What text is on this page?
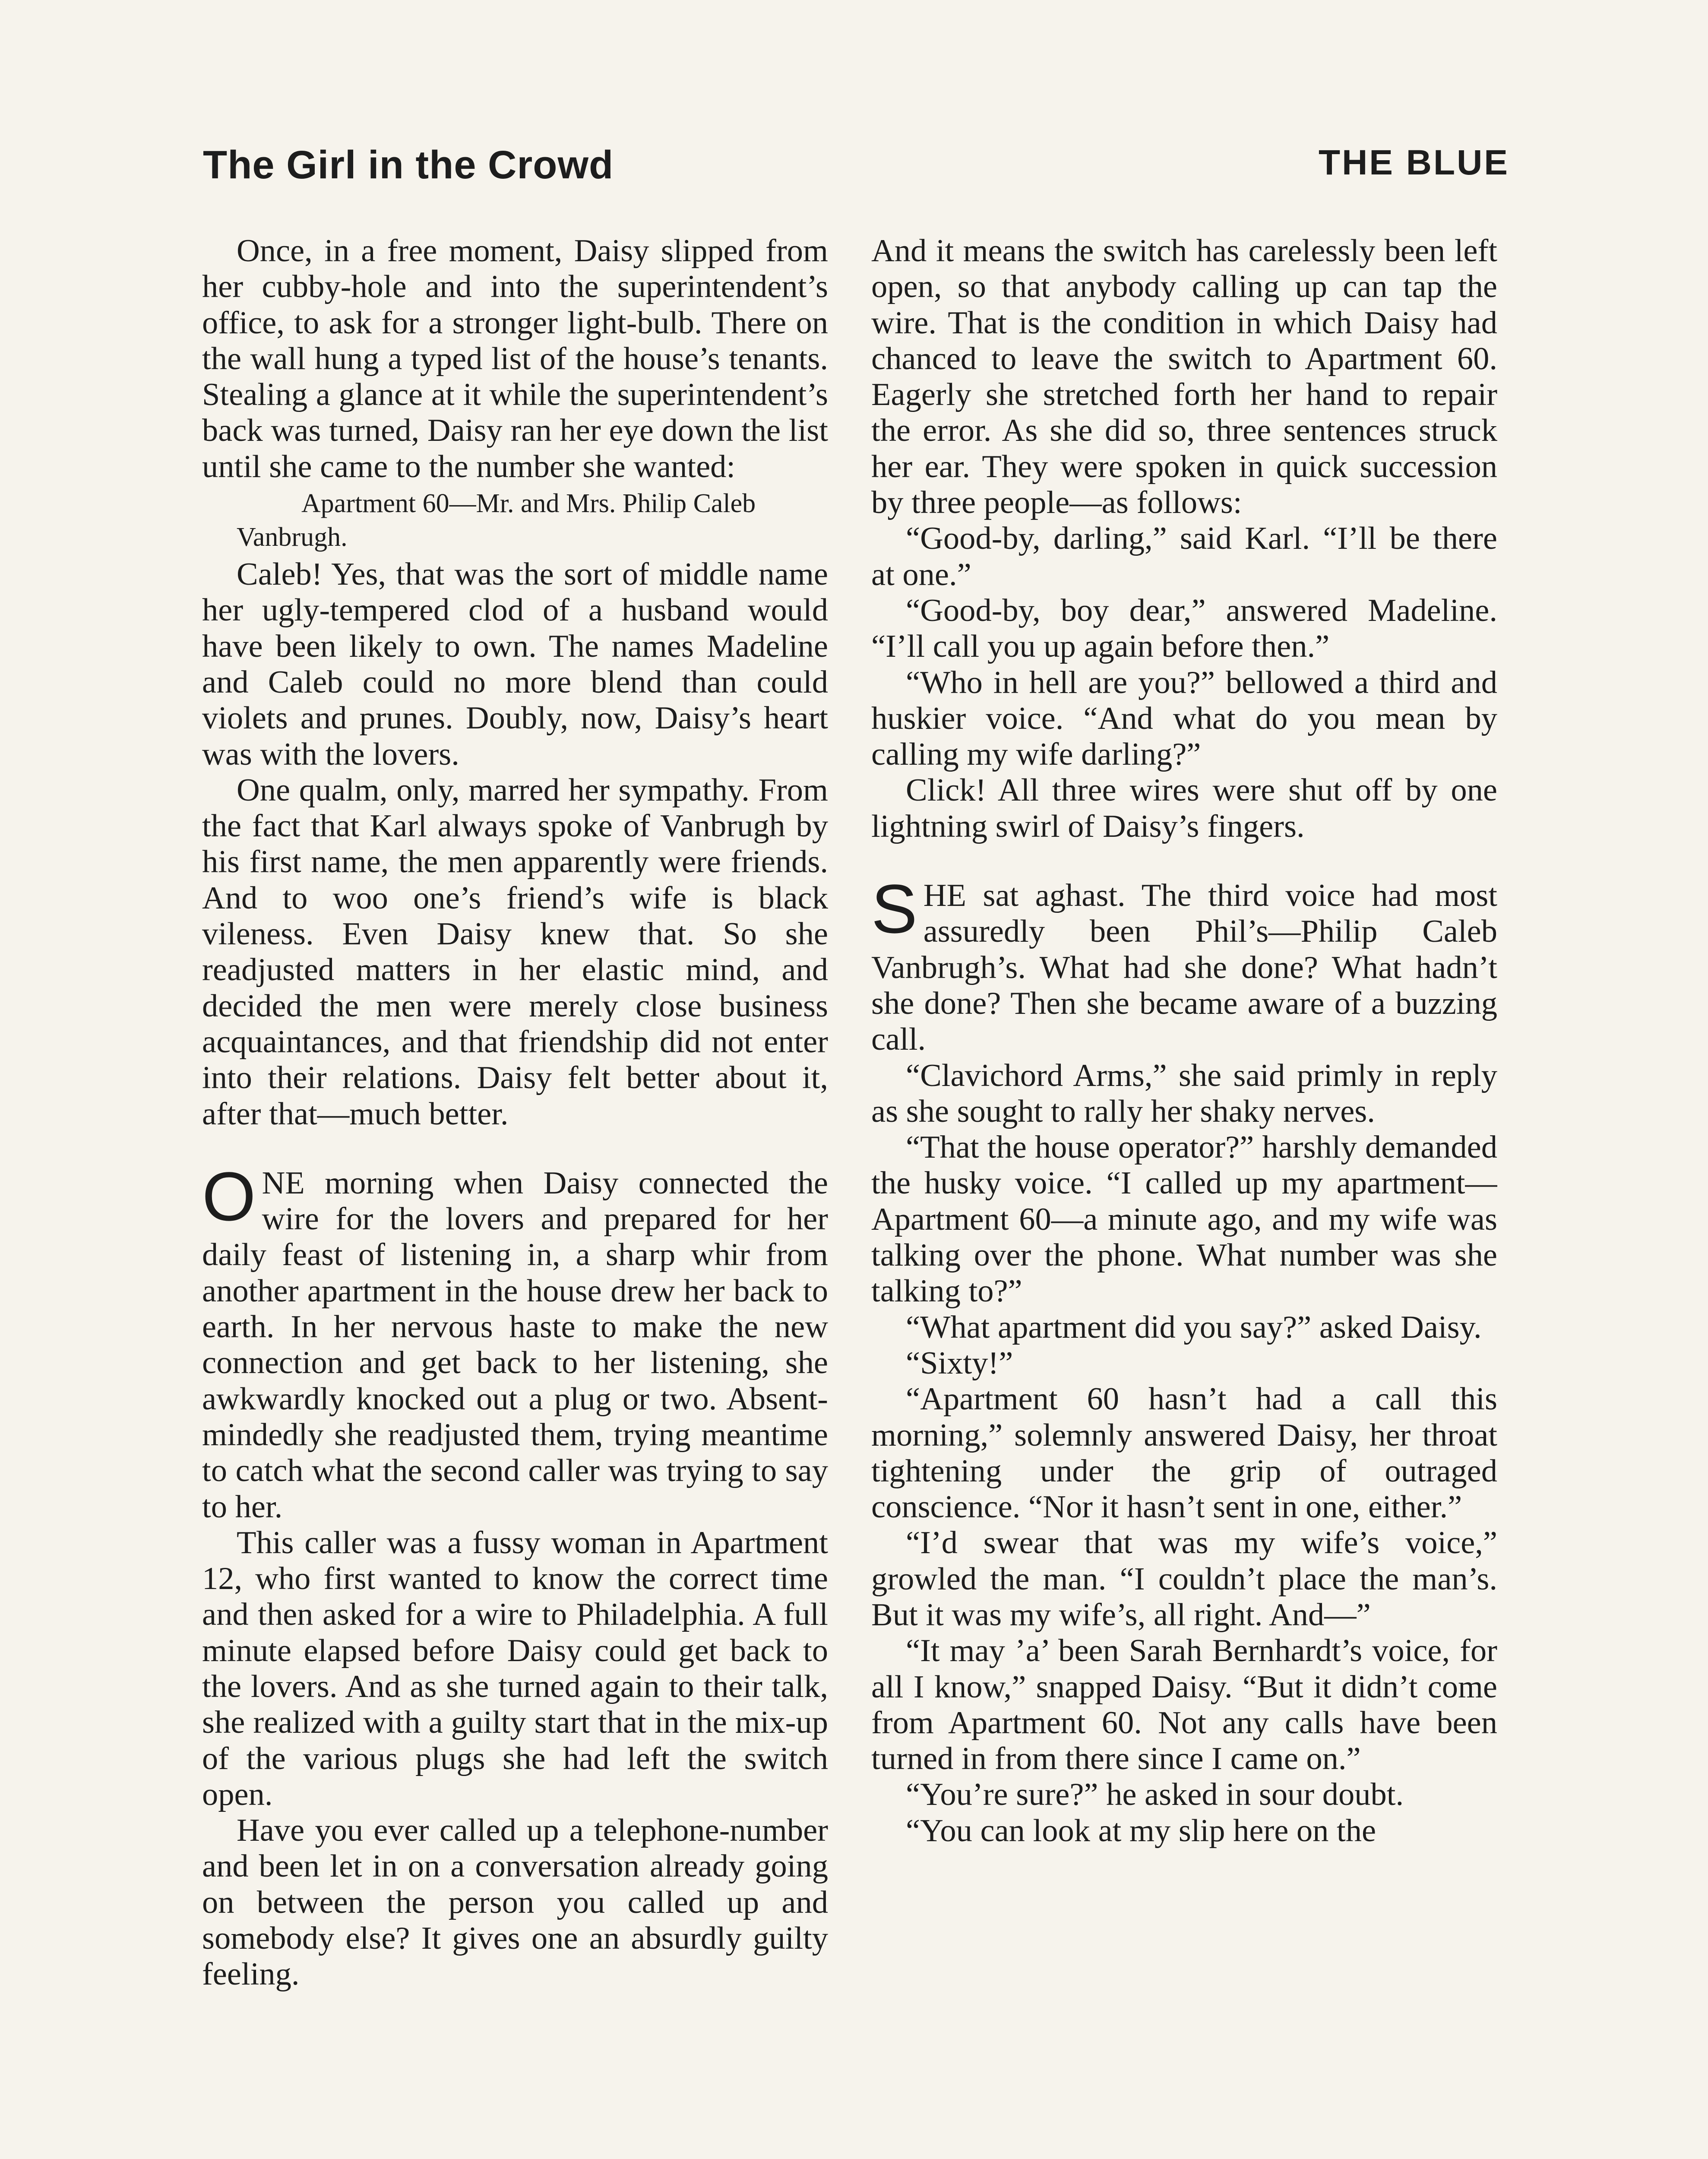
The Girl in the Crowd	THE BLUE

Once, in a free moment, Daisy slipped from her cubby-hole and into the superintendent’s office, to ask for a stronger light-bulb. There on the wall hung a typed list of the house’s tenants. Stealing a glance at it while the superintendent’s back was turned, Daisy ran her eye down the list until she came to the number she wanted:

Apartment 60—Mr. and Mrs. Philip Caleb Vanbrugh.

Caleb! Yes, that was the sort of middle name her ugly-tempered clod of a husband would have been likely to own. The names Madeline and Caleb could no more blend than could violets and prunes. Doubly, now, Daisy’s heart was with the lovers.

One qualm, only, marred her sympathy. From the fact that Karl always spoke of Vanbrugh by his first name, the men apparently were friends. And to woo one’s friend’s wife is black vileness. Even Daisy knew that. So she readjusted matters in her elastic mind, and decided the men were merely close business acquaintances, and that friendship did not enter into their relations. Daisy felt better about it, after that—much better.

ONE morning when Daisy connected the wire for the lovers and prepared for her daily feast of listening in, a sharp whir from another apartment in the house drew her back to earth. In her nervous haste to make the new connection and get back to her listening, she awkwardly knocked out a plug or two. Absent-mindedly she readjusted them, trying meantime to catch what the second caller was trying to say to her.

This caller was a fussy woman in Apartment 12, who first wanted to know the correct time and then asked for a wire to Philadelphia. A full minute elapsed before Daisy could get back to the lovers. And as she turned again to their talk, she realized with a guilty start that in the mix-up of the various plugs she had left the switch open.

Have you ever called up a telephone-number and been let in on a conversation already going on between the person you called up and somebody else? It gives one an absurdly guilty feeling.

And it means the switch has carelessly been left open, so that anybody calling up can tap the wire. That is the condition in which Daisy had chanced to leave the switch to Apartment 60. Eagerly she stretched forth her hand to repair the error. As she did so, three sentences struck her ear. They were spoken in quick succession by three people—as follows:

“Good-by, darling,” said Karl. “I’ll be there at one.”

“Good-by, boy dear,” answered Madeline. “I’ll call you up again before then.”

“Who in hell are you?” bellowed a third and huskier voice. “And what do you mean by calling my wife darling?”

Click! All three wires were shut off by one lightning swirl of Daisy’s fingers.

SHE sat aghast. The third voice had most assuredly been Phil’s—Philip Caleb Vanbrugh’s. What had she done? What hadn’t she done? Then she became aware of a buzzing call.

“Clavichord Arms,” she said primly in reply as she sought to rally her shaky nerves.

“That the house operator?” harshly demanded the husky voice. “I called up my apartment—Apartment 60—a minute ago, and my wife was talking over the phone. What number was she talking to?”

“What apartment did you say?” asked Daisy.

“Sixty!”

“Apartment 60 hasn’t had a call this morning,” solemnly answered Daisy, her throat tightening under the grip of outraged conscience. “Nor it hasn’t sent in one, either.”

“I’d swear that was my wife’s voice,” growled the man. “I couldn’t place the man’s. But it was my wife’s, all right. And—”

“It may ’a’ been Sarah Bernhardt’s voice, for all I know,” snapped Daisy. “But it didn’t come from Apartment 60. Not any calls have been turned in from there since I came on.”

“You’re sure?” he asked in sour doubt.

“You can look at my slip here on the
